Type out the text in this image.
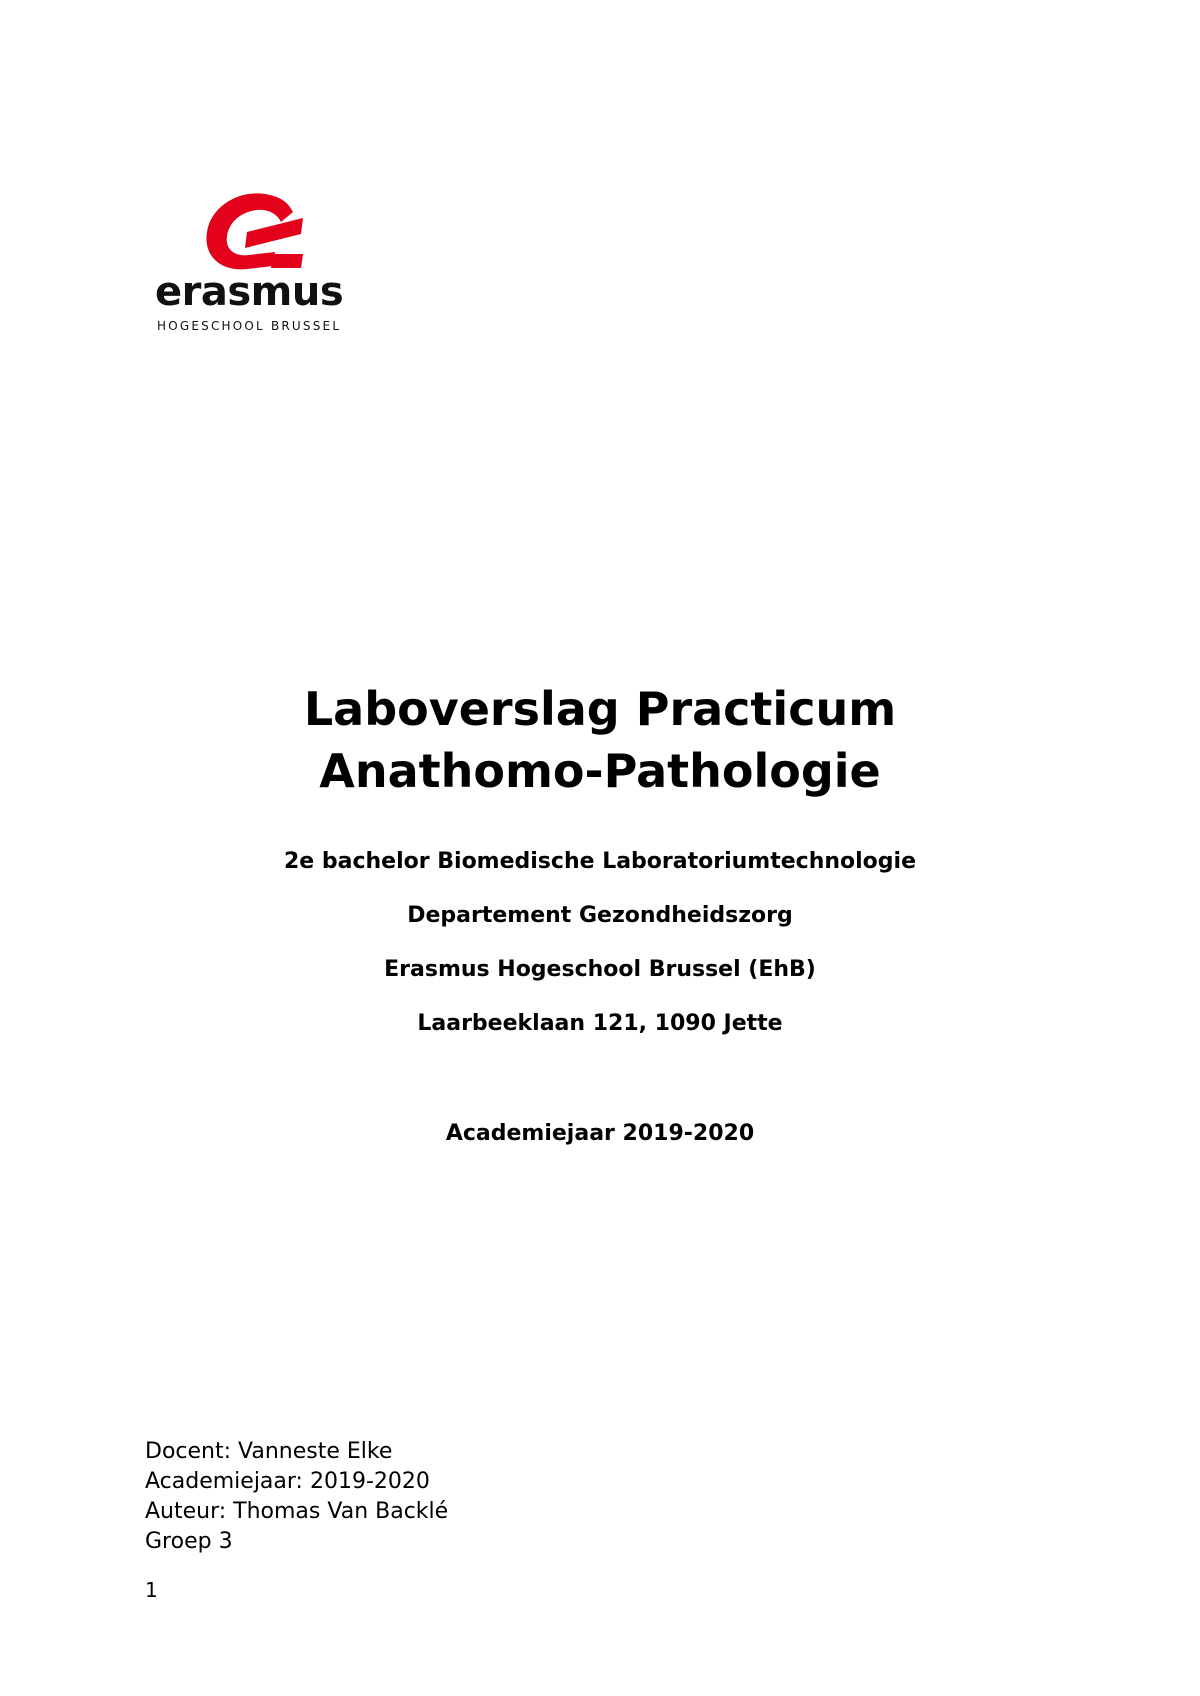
erasmus
HOGESCHOOL BRUSSEL

Laboverslag Practicum

Anathomo-Pathologie

2e bachelor Biomedische Laboratoriumtechnologie

Departement Gezondheidszorg

Erasmus Hogeschool Brussel (EhB)

Laarbeeklaan 121, 1090 Jette

Academiejaar 2019-2020

Docent: Vanneste Elke

Academiejaar: 2019-2020

Auteur: Thomas Van Backlé

Groep 3

1
